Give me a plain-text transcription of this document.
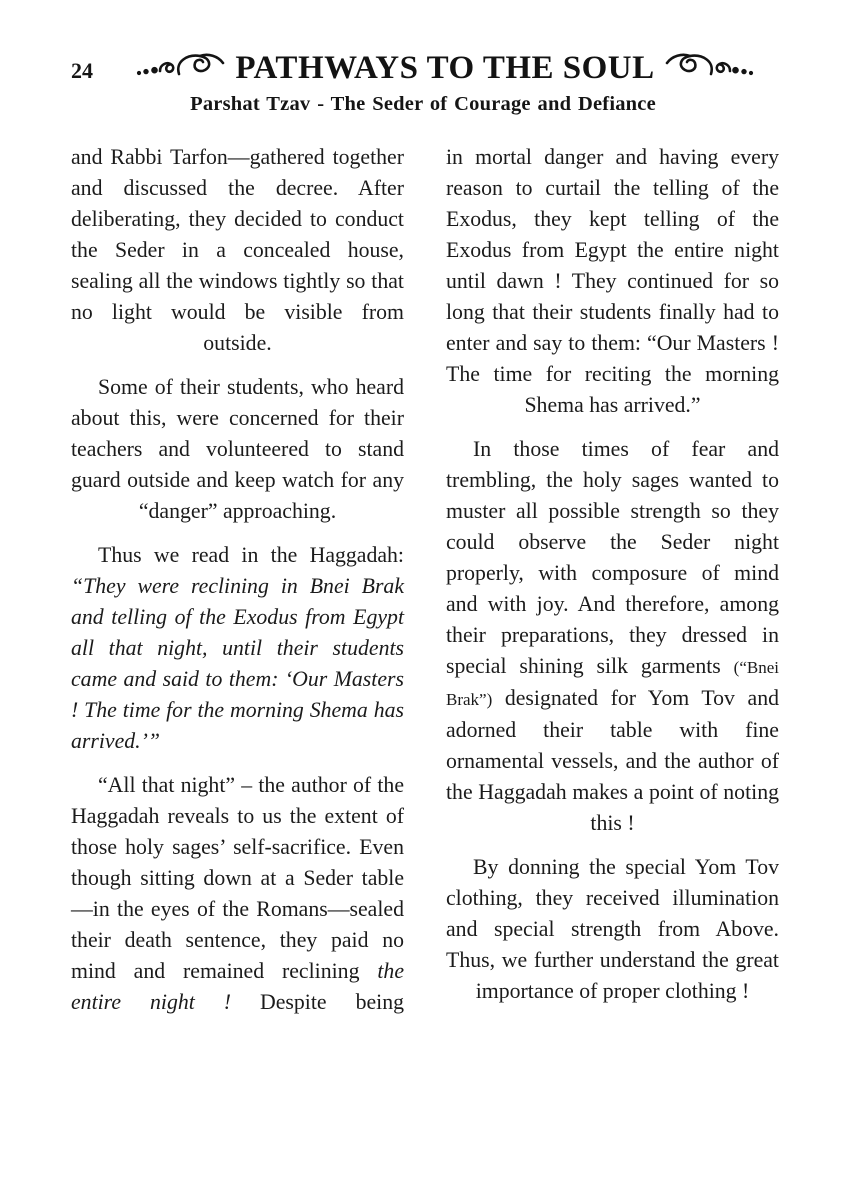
24	PATHWAYS TO THE SOUL
Parshat Tzav - The Seder of Courage and Defiance

and Rabbi Tarfon—gathered together and discussed the decree. After deliberating, they decided to conduct the Seder in a concealed house, sealing all the windows tightly so that no light would be visible from outside.

Some of their students, who heard about this, were concerned for their teachers and volunteered to stand guard outside and keep watch for any “danger” approaching.

Thus we read in the Haggadah: “They were reclining in Bnei Brak and telling of the Exodus from Egypt all that night, until their students came and said to them: ‘Our Masters ! The time for the morning Shema has arrived.’”

“All that night” – the author of the Haggadah reveals to us the extent of those holy sages’ self-sacrifice. Even though sitting down at a Seder table—in the eyes of the Romans—sealed their death sentence, they paid no mind and remained reclining the entire night ! Despite being

in mortal danger and having every reason to curtail the telling of the Exodus, they kept telling of the Exodus from Egypt the entire night until dawn ! They continued for so long that their students finally had to enter and say to them: “Our Masters ! The time for reciting the morning Shema has arrived.”

In those times of fear and trembling, the holy sages wanted to muster all possible strength so they could observe the Seder night properly, with composure of mind and with joy. And therefore, among their preparations, they dressed in special shining silk garments (“Bnei Brak”) designated for Yom Tov and adorned their table with fine ornamental vessels, and the author of the Haggadah makes a point of noting this !

By donning the special Yom Tov clothing, they received illumination and special strength from Above. Thus, we further understand the great importance of proper clothing !
